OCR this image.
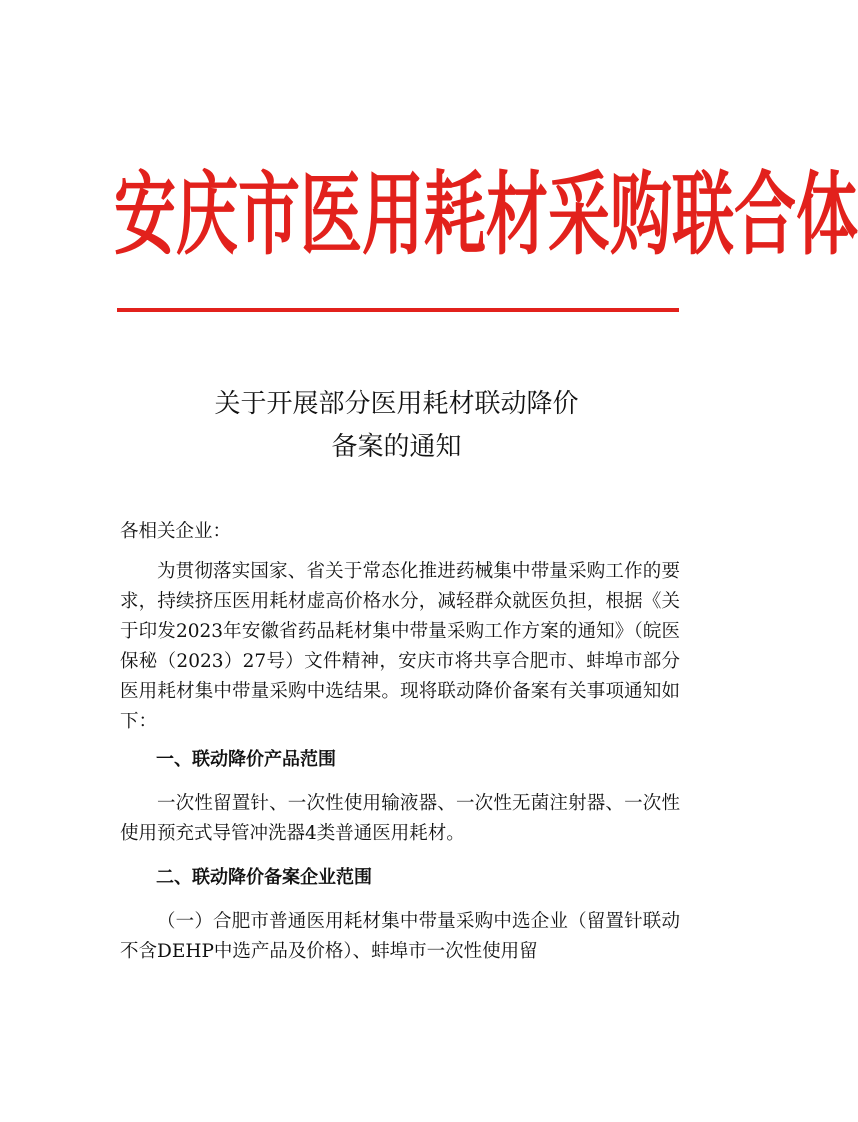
安庆市医用耗材采购联合体
关于开展部分医用耗材联动降价
备案的通知

各相关企业：

为贯彻落实国家、省关于常态化推进药械集中带量采购工作的要求，持续挤压医用耗材虚高价格水分，减轻群众就医负担，根据《关于印发2023年安徽省药品耗材集中带量采购工作方案的通知》（皖医保秘（2023）27号）文件精神，安庆市将共享合肥市、蚌埠市部分医用耗材集中带量采购中选结果。现将联动降价备案有关事项通知如下：

一、联动降价产品范围

一次性留置针、一次性使用输液器、一次性无菌注射器、一次性使用预充式导管冲洗器4类普通医用耗材。

二、联动降价备案企业范围

（一）合肥市普通医用耗材集中带量采购中选企业（留置针联动不含DEHP中选产品及价格）、蚌埠市一次性使用留
